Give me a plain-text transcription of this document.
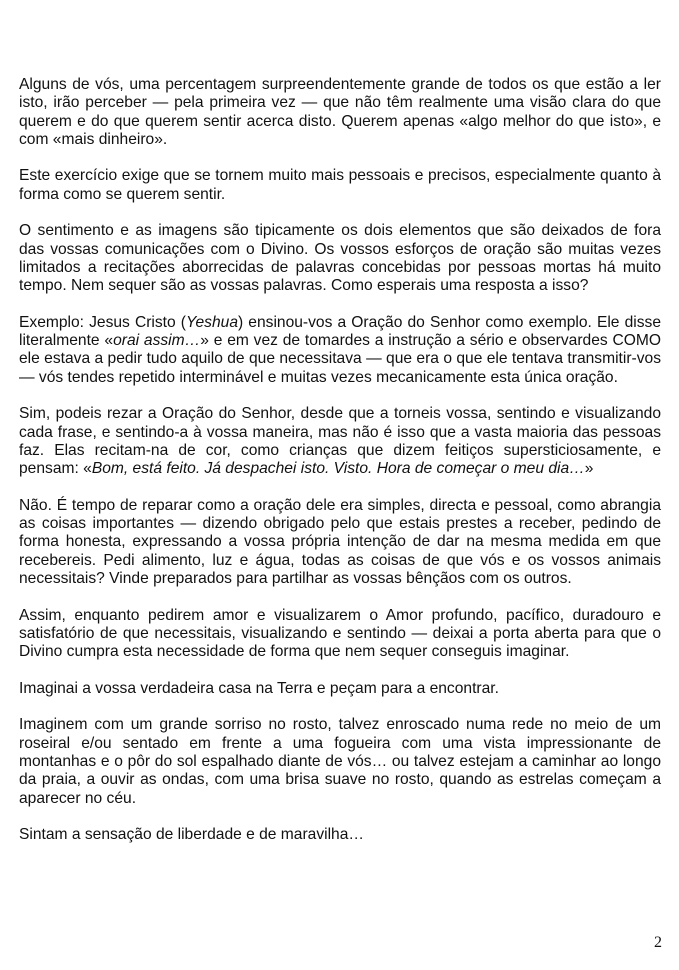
Alguns de vós, uma percentagem surpreendentemente grande de todos os que estão a ler isto, irão perceber — pela primeira vez — que não têm realmente uma visão clara do que querem e do que querem sentir acerca disto. Querem apenas «algo melhor do que isto», e com «mais dinheiro».

Este exercício exige que se tornem muito mais pessoais e precisos, especialmente quanto à forma como se querem sentir.

O sentimento e as imagens são tipicamente os dois elementos que são deixados de fora das vossas comunicações com o Divino. Os vossos esforços de oração são muitas vezes limitados a recitações aborrecidas de palavras concebidas por pessoas mortas há muito tempo. Nem sequer são as vossas palavras. Como esperais uma resposta a isso?

Exemplo: Jesus Cristo (Yeshua) ensinou-vos a Oração do Senhor como exemplo. Ele disse literalmente «orai assim…» e em vez de tomardes a instrução a sério e observardes COMO ele estava a pedir tudo aquilo de que necessitava — que era o que ele tentava transmitir-vos — vós tendes repetido interminável e muitas vezes mecanicamente esta única oração.

Sim, podeis rezar a Oração do Senhor, desde que a torneis vossa, sentindo e visualizando cada frase, e sentindo-a à vossa maneira, mas não é isso que a vasta maioria das pessoas faz. Elas recitam-na de cor, como crianças que dizem feitiços supersticiosamente, e pensam: «Bom, está feito. Já despachei isto. Visto. Hora de começar o meu dia…»

Não. É tempo de reparar como a oração dele era simples, directa e pessoal, como abrangia as coisas importantes — dizendo obrigado pelo que estais prestes a receber, pedindo de forma honesta, expressando a vossa própria intenção de dar na mesma medida em que recebereis. Pedi alimento, luz e água, todas as coisas de que vós e os vossos animais necessitais? Vinde preparados para partilhar as vossas bênçãos com os outros.

Assim, enquanto pedirem amor e visualizarem o Amor profundo, pacífico, duradouro e satisfatório de que necessitais, visualizando e sentindo — deixai a porta aberta para que o Divino cumpra esta necessidade de forma que nem sequer conseguis imaginar.

Imaginai a vossa verdadeira casa na Terra e peçam para a encontrar.

Imaginem com um grande sorriso no rosto, talvez enroscado numa rede no meio de um roseiral e/ou sentado em frente a uma fogueira com uma vista impressionante de montanhas e o pôr do sol espalhado diante de vós… ou talvez estejam a caminhar ao longo da praia, a ouvir as ondas, com uma brisa suave no rosto, quando as estrelas começam a aparecer no céu.

Sintam a sensação de liberdade e de maravilha…

2
